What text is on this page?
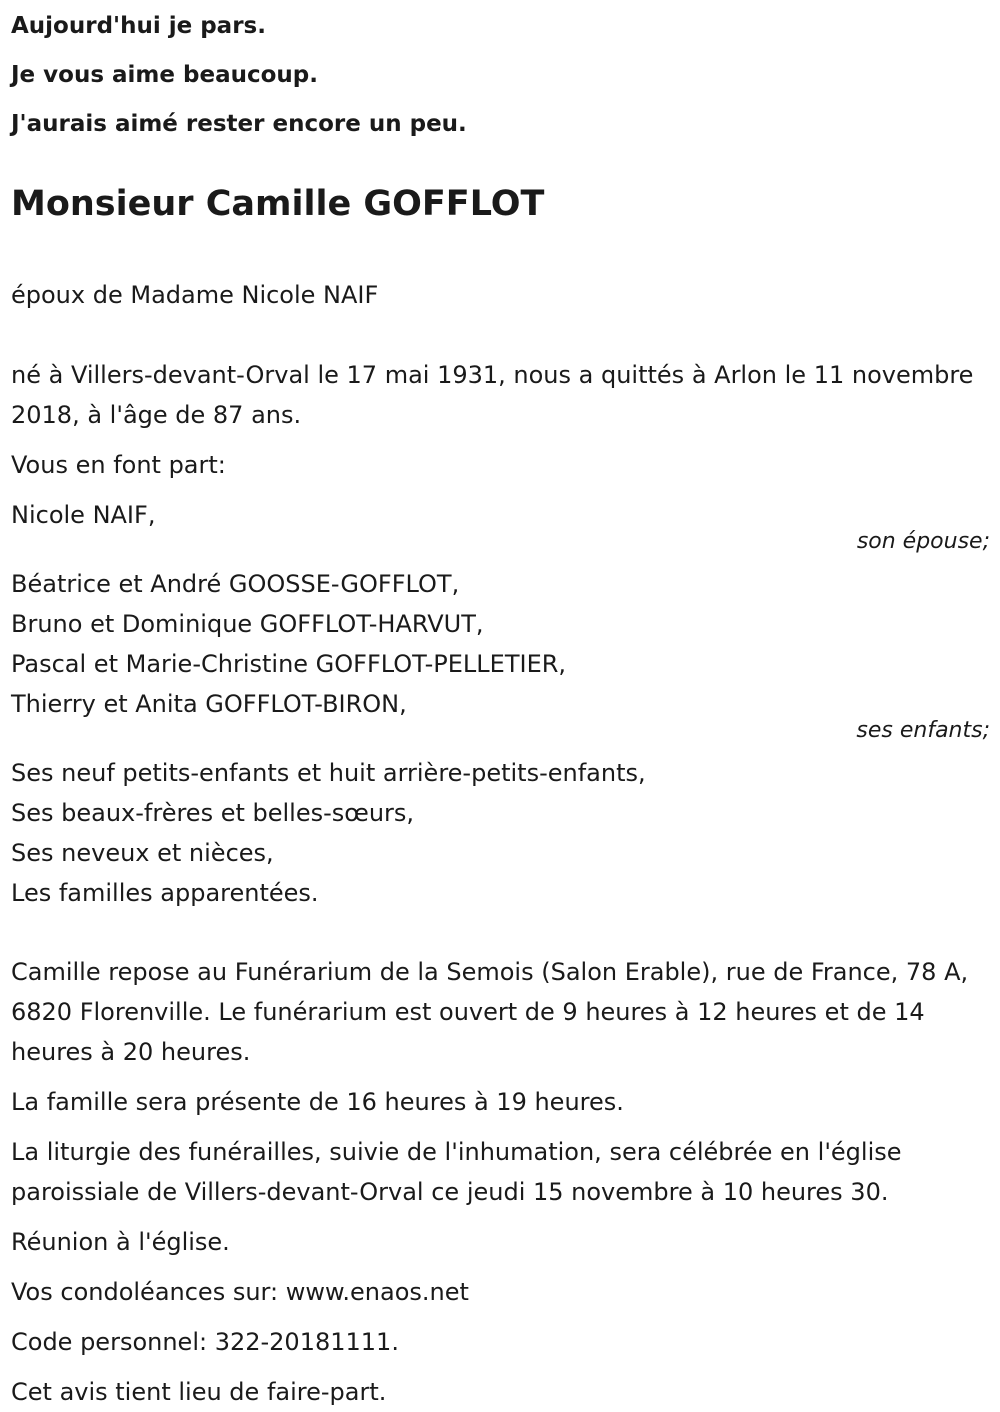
Aujourd'hui je pars.
Je vous aime beaucoup.
J'aurais aimé rester encore un peu.
Monsieur Camille GOFFLOT
époux de Madame Nicole NAIF
né à Villers-devant-Orval le 17 mai 1931, nous a quittés à Arlon le 11 novembre 2018, à l'âge de 87 ans.
Vous en font part:
Nicole NAIF,
son épouse;
Béatrice et André GOOSSE-GOFFLOT,
Bruno et Dominique GOFFLOT-HARVUT,
Pascal et Marie-Christine GOFFLOT-PELLETIER,
Thierry et Anita GOFFLOT-BIRON,
ses enfants;
Ses neuf petits-enfants et huit arrière-petits-enfants,
Ses beaux-frères et belles-sœurs,
Ses neveux et nièces,
Les familles apparentées.
Camille repose au Funérarium de la Semois (Salon Erable), rue de France, 78 A, 6820 Florenville. Le funérarium est ouvert de 9 heures à 12 heures et de 14 heures à 20 heures.
La famille sera présente de 16 heures à 19 heures.
La liturgie des funérailles, suivie de l'inhumation, sera célébrée en l'église paroissiale de Villers-devant-Orval ce jeudi 15 novembre à 10 heures 30.
Réunion à l'église.
Vos condoléances sur: www.enaos.net
Code personnel: 322-20181111.
Cet avis tient lieu de faire-part.
